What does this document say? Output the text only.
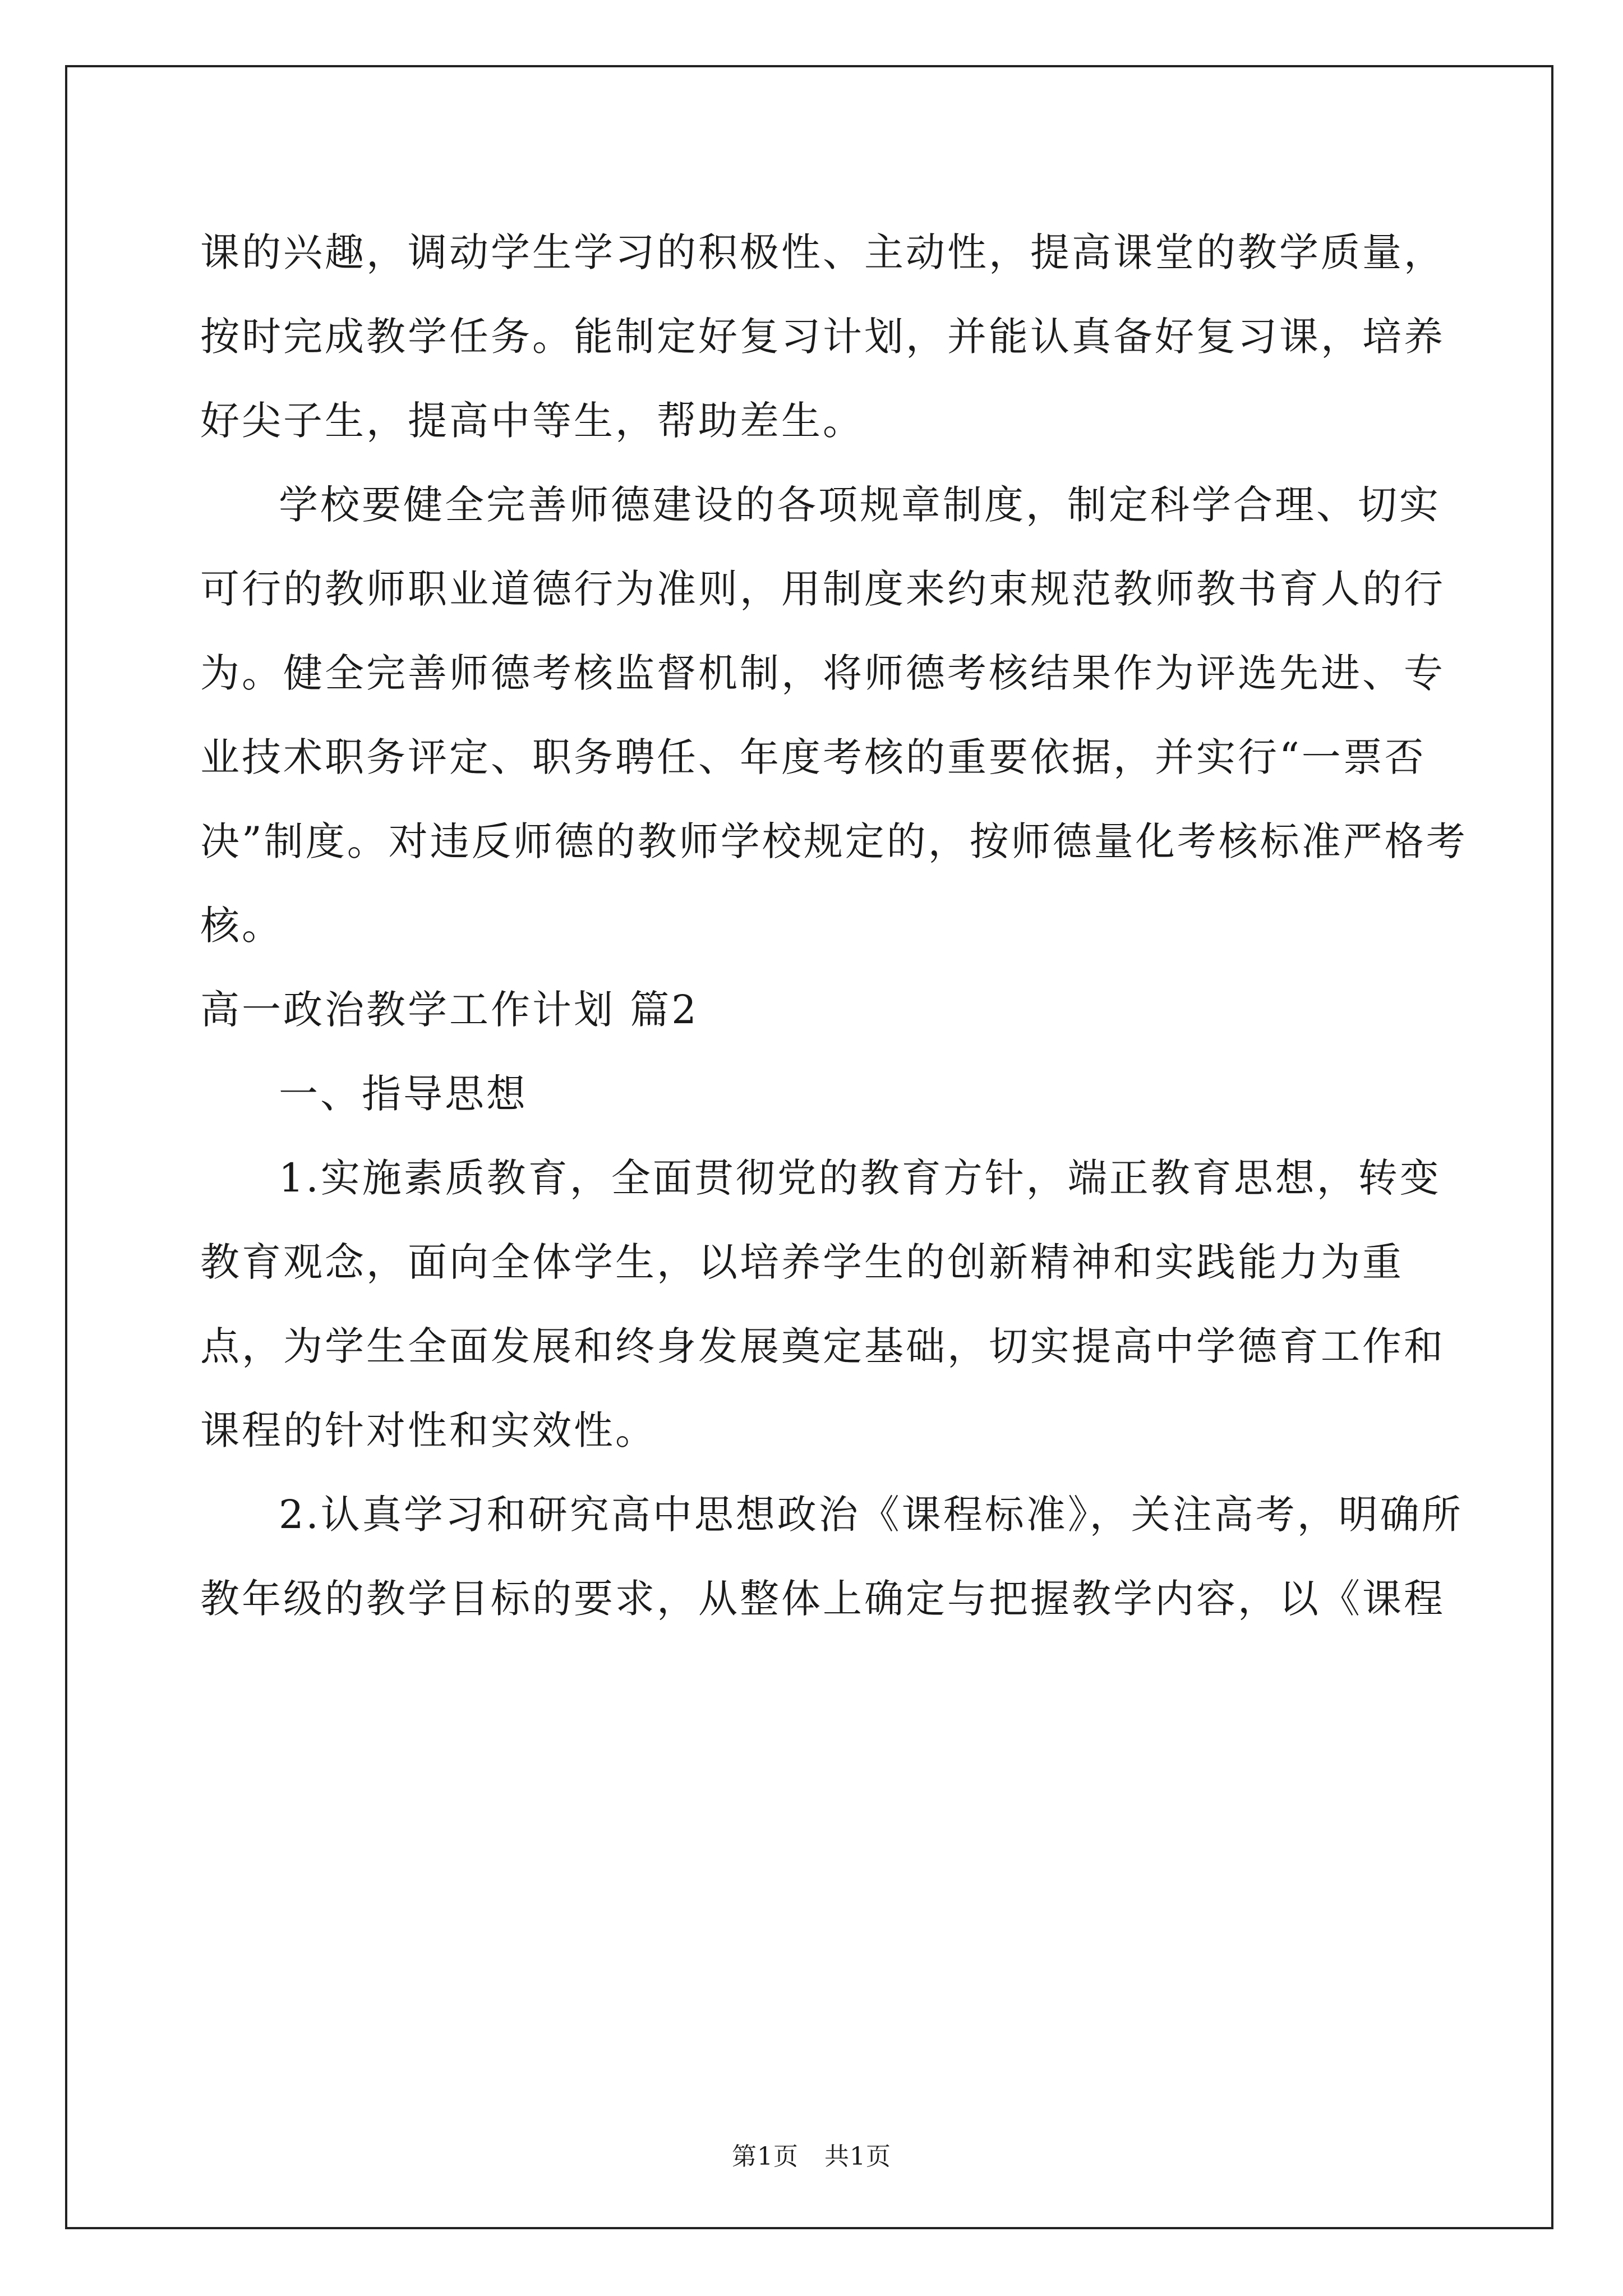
课的兴趣，调动学生学习的积极性、主动性，提高课堂的教学质量，按时完成教学任务。能制定好复习计划，并能认真备好复习课，培养好尖子生，提高中等生，帮助差生。

学校要健全完善师德建设的各项规章制度，制定科学合理、切实可行的教师职业道德行为准则，用制度来约束规范教师教书育人的行为。健全完善师德考核监督机制，将师德考核结果作为评选先进、专业技术职务评定、职务聘任、年度考核的重要依据，并实行“一票否决”制度。对违反师德的教师学校规定的，按师德量化考核标准严格考核。

高一政治教学工作计划 篇2

一、指导思想

1.实施素质教育，全面贯彻党的教育方针，端正教育思想，转变教育观念，面向全体学生，以培养学生的创新精神和实践能力为重点，为学生全面发展和终身发展奠定基础，切实提高中学德育工作和课程的针对性和实效性。

2.认真学习和研究高中思想政治《课程标准》，关注高考，明确所教年级的教学目标的要求，从整体上确定与把握教学内容，以《课程

第1页 共1页
